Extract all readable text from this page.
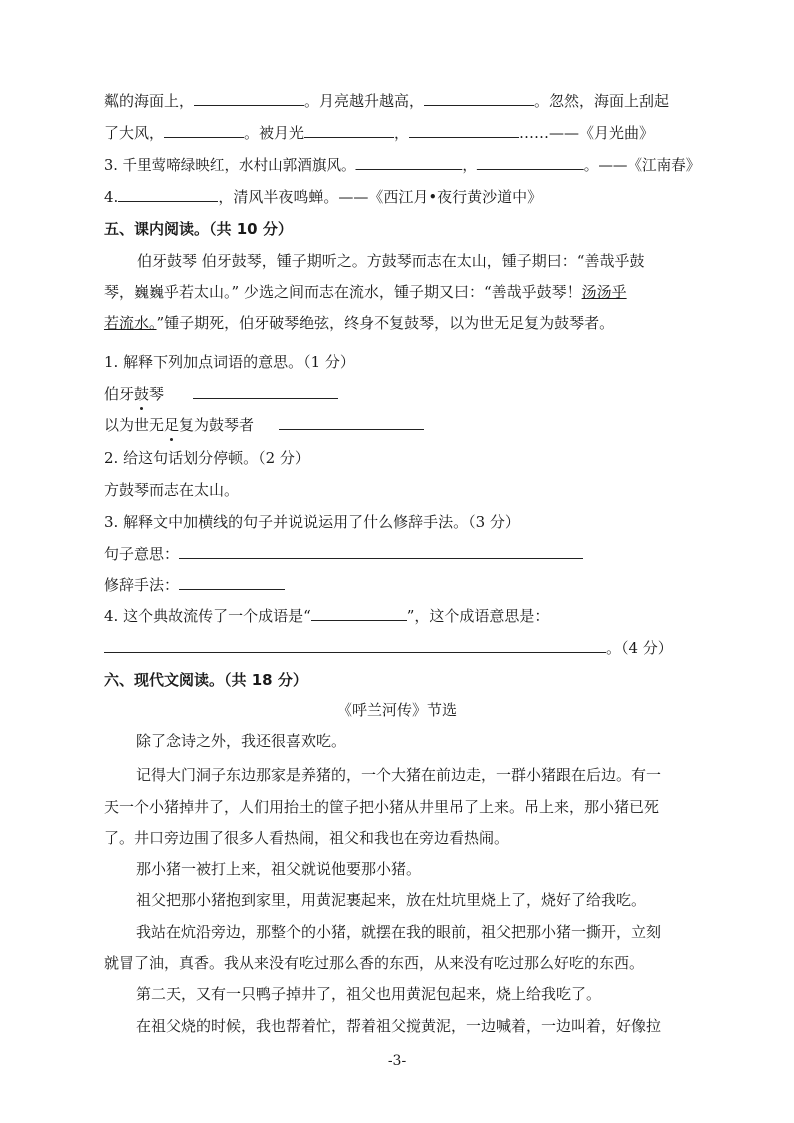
粼的海面上，	。月亮越升越高，	。忽然，海面上刮起
了大风，	。被月光	，	……——《月光曲》
3. 千里莺啼绿映红，水村山郭酒旗风。	，	。——《江南春》
4.	，清风半夜鸣蝉。——《西江月•夜行黄沙道中》
五、课内阅读。（共 10 分）
伯牙鼓琴 伯牙鼓琴，锺子期听之。方鼓琴而志在太山，锺子期曰：“善哉乎鼓
琴，巍巍乎若太山。” 少选之间而志在流水，锺子期又曰：“善哉乎鼓琴！汤汤乎
若流水。”锺子期死，伯牙破琴绝弦，终身不复鼓琴，以为世无足复为鼓琴者。
1. 解释下列加点词语的意思。（1 分）
伯牙鼓琴
以为世无足复为鼓琴者
2. 给这句话划分停顿。（2 分）
方鼓琴而志在太山。
3. 解释文中加横线的句子并说说运用了什么修辞手法。（3 分）
句子意思：
修辞手法：
4. 这个典故流传了一个成语是“	”，这个成语意思是：
。（4 分）
六、现代文阅读。（共 18 分）
《呼兰河传》节选
除了念诗之外，我还很喜欢吃。
记得大门洞子东边那家是养猪的，一个大猪在前边走，一群小猪跟在后边。有一
天一个小猪掉井了，人们用抬土的筐子把小猪从井里吊了上来。吊上来，那小猪已死
了。井口旁边围了很多人看热闹，祖父和我也在旁边看热闹。
那小猪一被打上来，祖父就说他要那小猪。
祖父把那小猪抱到家里，用黄泥裹起来，放在灶坑里烧上了，烧好了给我吃。
我站在炕沿旁边，那整个的小猪，就摆在我的眼前，祖父把那小猪一撕开，立刻
就冒了油，真香。我从来没有吃过那么香的东西，从来没有吃过那么好吃的东西。
第二天，又有一只鸭子掉井了，祖父也用黄泥包起来，烧上给我吃了。
在祖父烧的时候，我也帮着忙，帮着祖父搅黄泥，一边喊着，一边叫着，好像拉
-3-
